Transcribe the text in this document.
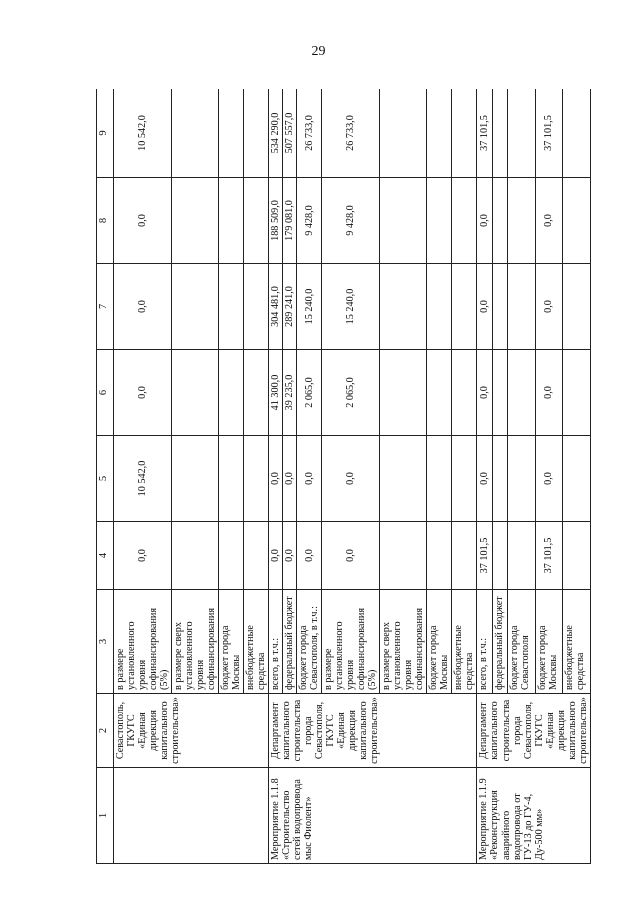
29
1	2	3	4	5	6	7	8	9
	Севастополь, ГКУГС «Единая дирекция капитального строительства»	в размере установленного уровня софинансирования (5%)	0,0	10 542,0	0,0	0,0	0,0	10 542,0
		в размере сверх установленного уровня софинансирования						
		бюджет города Москвы						
		внебюджетные средства						
Мероприятие 1.1.8 «Строительство сетей водопровода мыс Фиолент»	Департамент капитального строительства города Севастополя, ГКУГС «Единая дирекция капитального строительства»	всего, в т.ч.:	0,0	0,0	41 300,0	304 481,0	188 509,0	534 290,0
		федеральный бюджет	0,0	0,0	39 235,0	289 241,0	179 081,0	507 557,0
		бюджет города Севастополя, в т.ч.:	0,0	0,0	2 065,0	15 240,0	9 428,0	26 733,0
		в размере установленного уровня софинансирования (5%)	0,0	0,0	2 065,0	15 240,0	9 428,0	26 733,0
		в размере сверх установленного уровня софинансирования						
		бюджет города Москвы						
		внебюджетные средства						
Мероприятие 1.1.9 «Реконструкция аварийного водопровода от ГУ-13 до ГУ-4, Ду-500 мм»	Департамент капитального строительства города Севастополя, ГКУГС «Единая дирекция капитального строительства»	всего, в т.ч.:	37 101,5	0,0	0,0	0,0	0,0	37 101,5
		федеральный бюджет						
		бюджет города Севастополя						
		бюджет города Москвы	37 101,5	0,0	0,0	0,0	0,0	37 101,5
		внебюджетные средства						
